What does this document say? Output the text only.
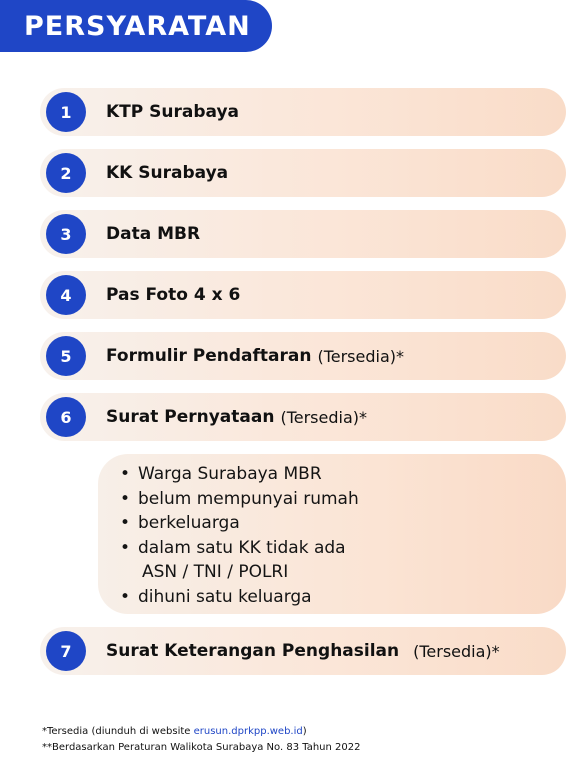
PERSYARATAN
1	KTP Surabaya
2	KK Surabaya
3	Data MBR
4	Pas Foto 4 x 6
5	Formulir Pendaftaran (Tersedia)*
6	Surat Pernyataan (Tersedia)*
• Warga Surabaya MBR
• belum mempunyai rumah
• berkeluarga
• dalam satu KK tidak ada
ASN / TNI / POLRI
• dihuni satu keluarga
7	Surat Keterangan Penghasilan (Tersedia)*
*Tersedia (diunduh di website erusun.dprkpp.web.id)
**Berdasarkan Peraturan Walikota Surabaya No. 83 Tahun 2022
